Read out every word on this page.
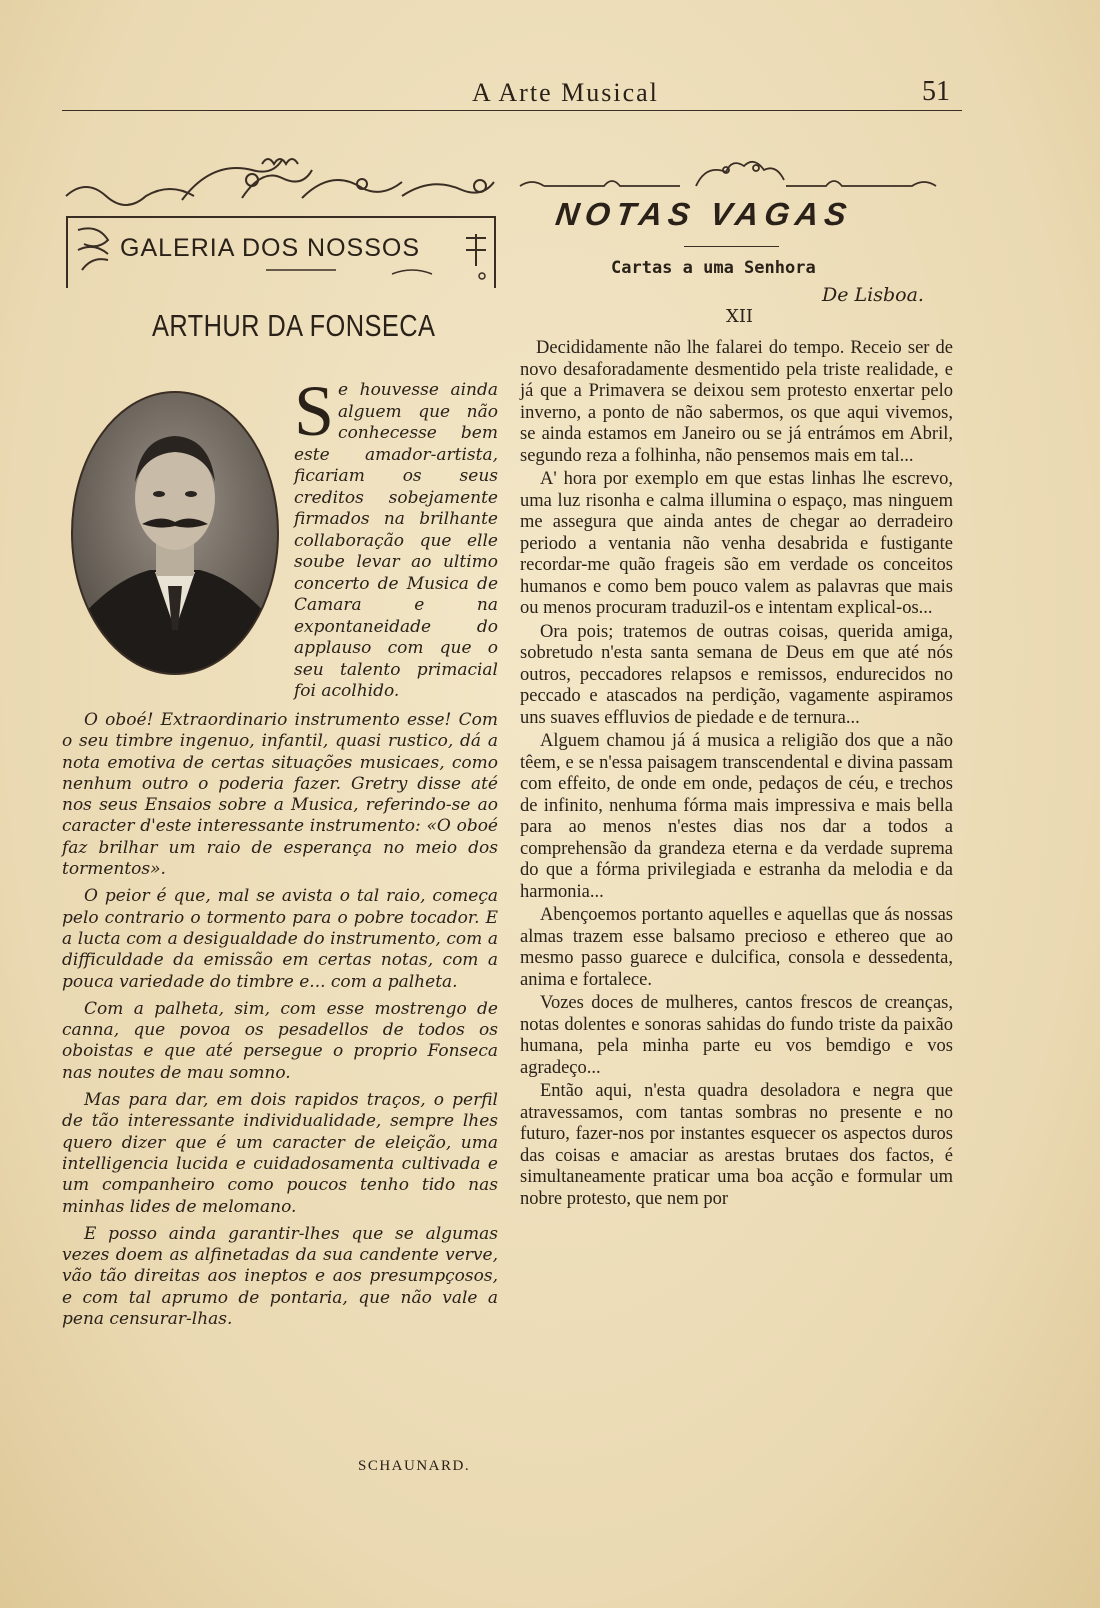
A Arte Musical	51
GALERIA DOS NOSSOS
ARTHUR DA FONSECA
Se houvesse ainda alguem que não conhecesse bem este amador-artista, ficariam os seus creditos sobejamente firmados na brilhante collaboração que elle soube levar ao ultimo concerto de Musica de Camara e na expontaneidade do applauso com que o seu talento primacial foi acolhido.

O oboé! Extraordinario instrumento esse! Com o seu timbre ingenuo, infantil, quasi rustico, dá a nota emotiva de certas situações musicaes, como nenhum outro o poderia fazer. Gretry disse até nos seus Ensaios sobre a Musica, referindo-se ao caracter d'este interessante instrumento: «O oboé faz brilhar um raio de esperança no meio dos tormentos».

O peior é que, mal se avista o tal raio, começa pelo contrario o tormento para o pobre tocador. E a lucta com a desigualdade do instrumento, com a difficuldade da emissão em certas notas, com a pouca variedade do timbre e... com a palheta.

Com a palheta, sim, com esse mostrengo de canna, que povoa os pesadellos de todos os oboistas e que até persegue o proprio Fonseca nas noutes de mau somno.

Mas para dar, em dois rapidos traços, o perfil de tão interessante individualidade, sempre lhes quero dizer que é um caracter de eleição, uma intelligencia lucida e cuidadosamenta cultivada e um companheiro como poucos tenho tido nas minhas lides de melomano.

E posso ainda garantir-lhes que se algumas vezes doem as alfinetadas da sua candente verve, vão tão direitas aos ineptos e aos presumpçosos, e com tal aprumo de pontaria, que não vale a pena censurar-lhas.

SCHAUNARD.
NOTAS VAGAS
Cartas a uma Senhora
De Lisboa.
XII

Decididamente não lhe falarei do tempo. Receio ser de novo desaforadamente desmentido pela triste realidade, e já que a Primavera se deixou sem protesto enxertar pelo inverno, a ponto de não sabermos, os que aqui vivemos, se ainda estamos em Janeiro ou se já entrámos em Abril, segundo reza a folhinha, não pensemos mais em tal...

A' hora por exemplo em que estas linhas lhe escrevo, uma luz risonha e calma illumina o espaço, mas ninguem me assegura que ainda antes de chegar ao derradeiro periodo a ventania não venha desabrida e fustigante recordar-me quão frageis são em verdade os conceitos humanos e como bem pouco valem as palavras que mais ou menos procuram traduzil-os e intentam explical-os...

Ora pois; tratemos de outras coisas, querida amiga, sobretudo n'esta santa semana de Deus em que até nós outros, peccadores relapsos e remissos, endurecidos no peccado e atascados na perdição, vagamente aspiramos uns suaves effluvios de piedade e de ternura...

Alguem chamou já á musica a religião dos que a não têem, e se n'essa paisagem transcendental e divina passam com effeito, de onde em onde, pedaços de céu, e trechos de infinito, nenhuma fórma mais impressiva e mais bella para ao menos n'estes dias nos dar a todos a comprehensão da grandeza eterna e da verdade suprema do que a fórma privilegiada e estranha da melodia e da harmonia...

Abençoemos portanto aquelles e aquellas que ás nossas almas trazem esse balsamo precioso e ethereo que ao mesmo passo guarece e dulcifica, consola e dessedenta, anima e fortalece.

Vozes doces de mulheres, cantos frescos de creanças, notas dolentes e sonoras sahidas do fundo triste da paixão humana, pela minha parte eu vos bemdigo e vos agradeço...

Então aqui, n'esta quadra desoladora e negra que atravessamos, com tantas sombras no presente e no futuro, fazer-nos por instantes esquecer os aspectos duros das coisas e amaciar as arestas brutaes dos factos, é simultaneamente praticar uma boa acção e formular um nobre protesto, que nem por
